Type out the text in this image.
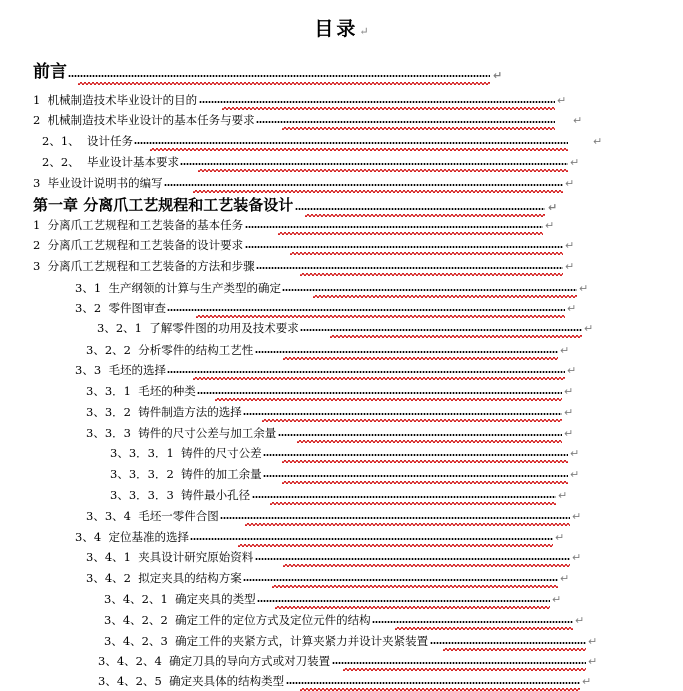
目录↵
前言	↵
1 机械制造技术毕业设计的目的	↵
2 机械制造技术毕业设计的基本任务与要求	↵
2、1、 设计任务	↵
2、2、 毕业设计基本要求	↵
3 毕业设计说明书的编写	↵
第一章 分离爪工艺规程和工艺装备设计	↵
1 分离爪工艺规程和工艺装备的基本任务	↵
2 分离爪工艺规程和工艺装备的设计要求	↵
3 分离爪工艺规程和工艺装备的方法和步骤	↵
3、1 生产纲领的计算与生产类型的确定	↵
3、2 零件图审查	↵
3、2、1 了解零件图的功用及技术要求	↵
3、2、2 分析零件的结构工艺性	↵
3、3 毛坯的选择	↵
3、3．1 毛坯的种类	↵
3、3．2 铸件制造方法的选择	↵
3、3．3 铸件的尺寸公差与加工余量	↵
3、3．3．1 铸件的尺寸公差	↵
3、3．3．2 铸件的加工余量	↵
3、3．3．3 铸件最小孔径	↵
3、3、4 毛坯一零件合图	↵
3、4 定位基准的选择	↵
3、4、1 夹具设计研究原始资料	↵
3、4、2 拟定夹具的结构方案	↵
3、4、2、1 确定夹具的类型	↵
3、4、2、2 确定工件的定位方式及定位元件的结构	↵
3、4、2、3 确定工件的夹紧方式，计算夹紧力并设计夹紧装置	↵
3、4、2、4 确定刀具的导向方式或对刀装置	↵
3、4、2、5 确定夹具体的结构类型	↵
